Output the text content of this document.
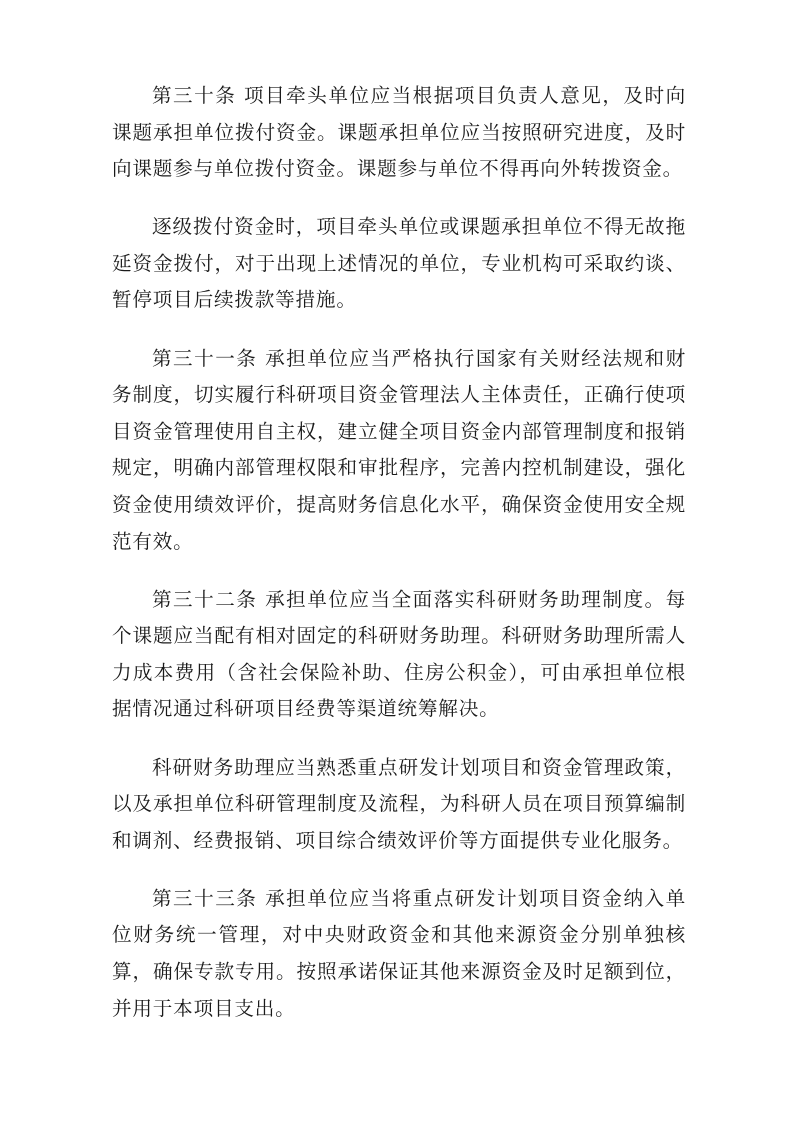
第三十条 项目牵头单位应当根据项目负责人意见，及时向课题承担单位拨付资金。课题承担单位应当按照研究进度，及时向课题参与单位拨付资金。课题参与单位不得再向外转拨资金。

逐级拨付资金时，项目牵头单位或课题承担单位不得无故拖延资金拨付，对于出现上述情况的单位，专业机构可采取约谈、暂停项目后续拨款等措施。

第三十一条 承担单位应当严格执行国家有关财经法规和财务制度，切实履行科研项目资金管理法人主体责任，正确行使项目资金管理使用自主权，建立健全项目资金内部管理制度和报销规定，明确内部管理权限和审批程序，完善内控机制建设，强化资金使用绩效评价，提高财务信息化水平，确保资金使用安全规范有效。

第三十二条 承担单位应当全面落实科研财务助理制度。每个课题应当配有相对固定的科研财务助理。科研财务助理所需人力成本费用（含社会保险补助、住房公积金），可由承担单位根据情况通过科研项目经费等渠道统筹解决。

科研财务助理应当熟悉重点研发计划项目和资金管理政策，以及承担单位科研管理制度及流程，为科研人员在项目预算编制和调剂、经费报销、项目综合绩效评价等方面提供专业化服务。

第三十三条 承担单位应当将重点研发计划项目资金纳入单位财务统一管理，对中央财政资金和其他来源资金分别单独核算，确保专款专用。按照承诺保证其他来源资金及时足额到位，并用于本项目支出。
